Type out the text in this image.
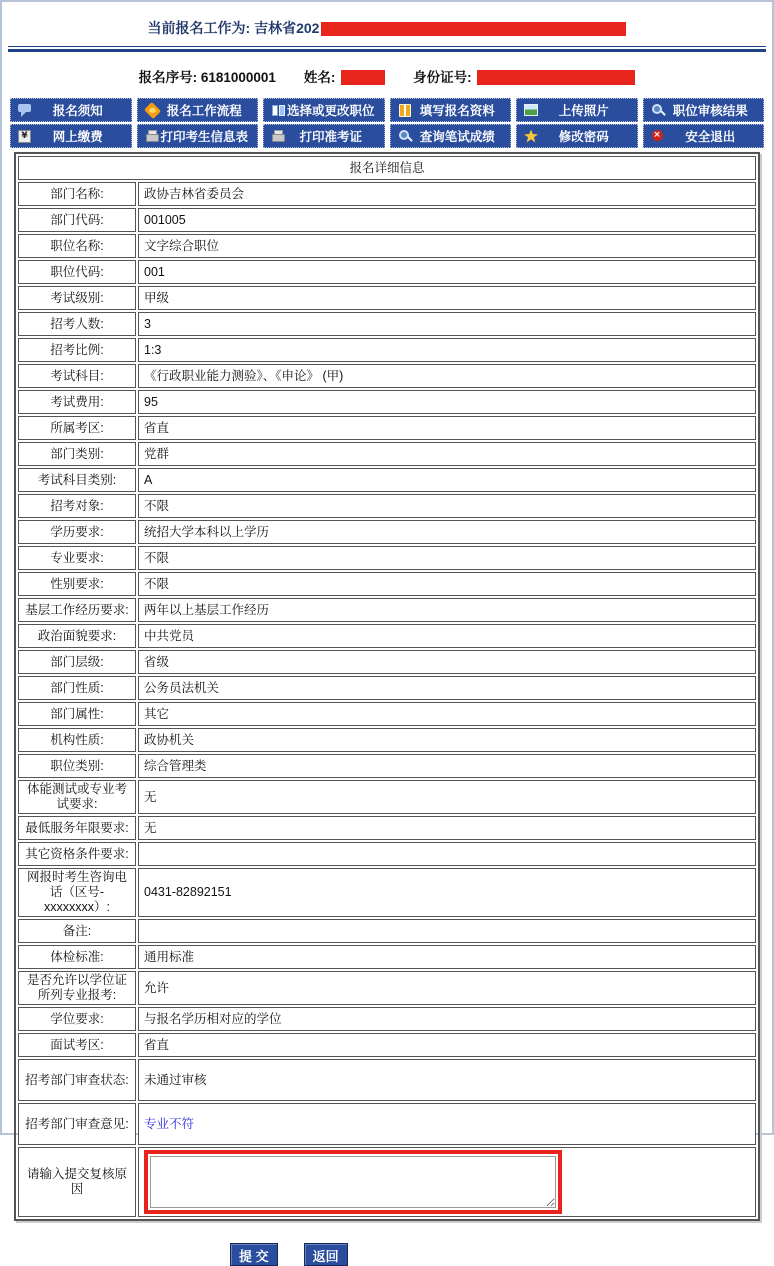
当前报名工作为: 吉林省202
报名序号: 6181000001 姓名:	身份证号:
报名须知	报名工作流程	选择或更改职位	填写报名资料	上传照片	职位审核结果
¥
网上缴费	打印考生信息表	打印准考证	查询笔试成绩	修改密码 ×	安全退出
报名详细信息	
部门名称:	政协吉林省委员会
部门代码:	001005
职位名称:	文字综合职位
职位代码:	001
考试级别:	甲级
招考人数:	3
招考比例:	1:3
考试科目:	《行政职业能力测验》、《申论》 (甲)
考试费用:	95
所属考区:	省直
部门类别:	党群
考试科目类别:	A
招考对象:	不限
学历要求:	统招大学本科以上学历
专业要求:	不限
性别要求:	不限
基层工作经历要求:	两年以上基层工作经历
政治面貌要求:	中共党员
部门层级:	省级
部门性质:	公务员法机关
部门属性:	其它
机构性质:	政协机关
职位类别:	综合管理类
体能测试或专业考试要求:	无
最低服务年限要求:	无
其它资格条件要求:	
网报时考生咨询电话（区号-xxxxxxxx）:	0431-82892151
备注:	
体检标准:	通用标准
是否允许以学位证所列专业报考:	允许
学位要求:	与报名学历相对应的学位
面试考区:	省直
招考部门审查状态:	未通过审核
招考部门审查意见:	专业不符
请输入提交复核原因	
提 交	返回
